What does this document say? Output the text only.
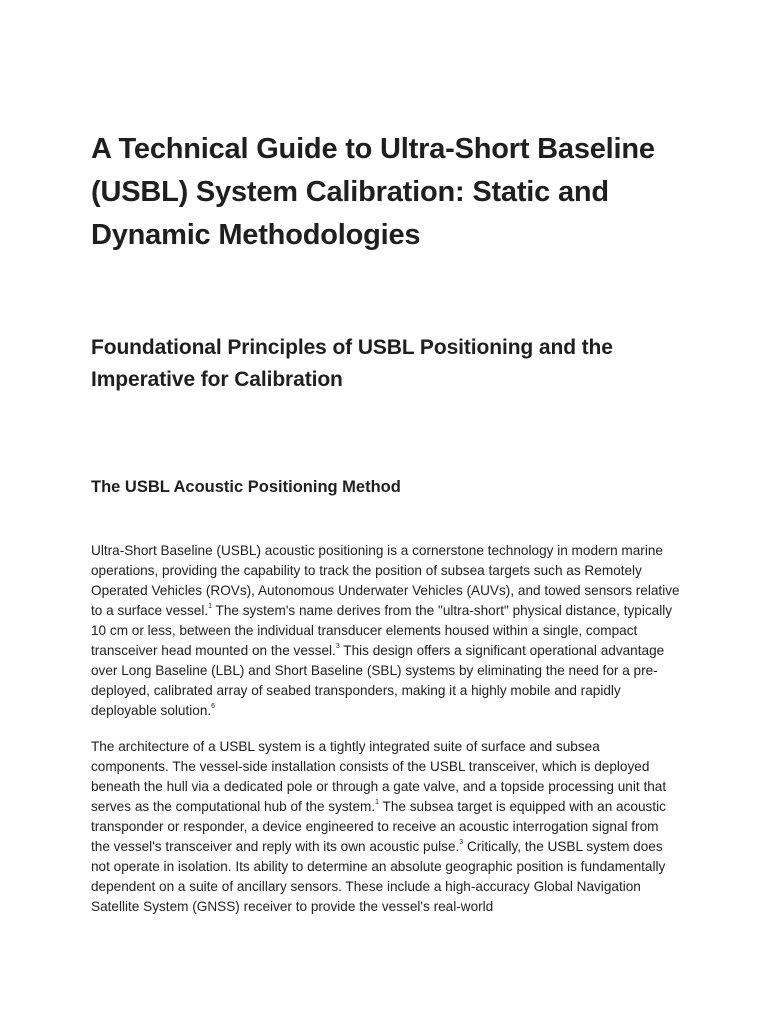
A Technical Guide to Ultra-Short Baseline (USBL) System Calibration: Static and Dynamic Methodologies
Foundational Principles of USBL Positioning and the Imperative for Calibration
The USBL Acoustic Positioning Method

Ultra-Short Baseline (USBL) acoustic positioning is a cornerstone technology in modern marine operations, providing the capability to track the position of subsea targets such as Remotely Operated Vehicles (ROVs), Autonomous Underwater Vehicles (AUVs), and towed sensors relative to a surface vessel.$^1$ The system's name derives from the "ultra-short" physical distance, typically 10 cm or less, between the individual transducer elements housed within a single, compact transceiver head mounted on the vessel.$^3$ This design offers a significant operational advantage over Long Baseline (LBL) and Short Baseline (SBL) systems by eliminating the need for a pre-deployed, calibrated array of seabed transponders, making it a highly mobile and rapidly deployable solution.$^6$

The architecture of a USBL system is a tightly integrated suite of surface and subsea components. The vessel-side installation consists of the USBL transceiver, which is deployed beneath the hull via a dedicated pole or through a gate valve, and a topside processing unit that serves as the computational hub of the system.$^1$ The subsea target is equipped with an acoustic transponder or responder, a device engineered to receive an acoustic interrogation signal from the vessel's transceiver and reply with its own acoustic pulse.$^3$ Critically, the USBL system does not operate in isolation. Its ability to determine an absolute geographic position is fundamentally dependent on a suite of ancillary sensors. These include a high-accuracy Global Navigation Satellite System (GNSS) receiver to provide the vessel's real-world
